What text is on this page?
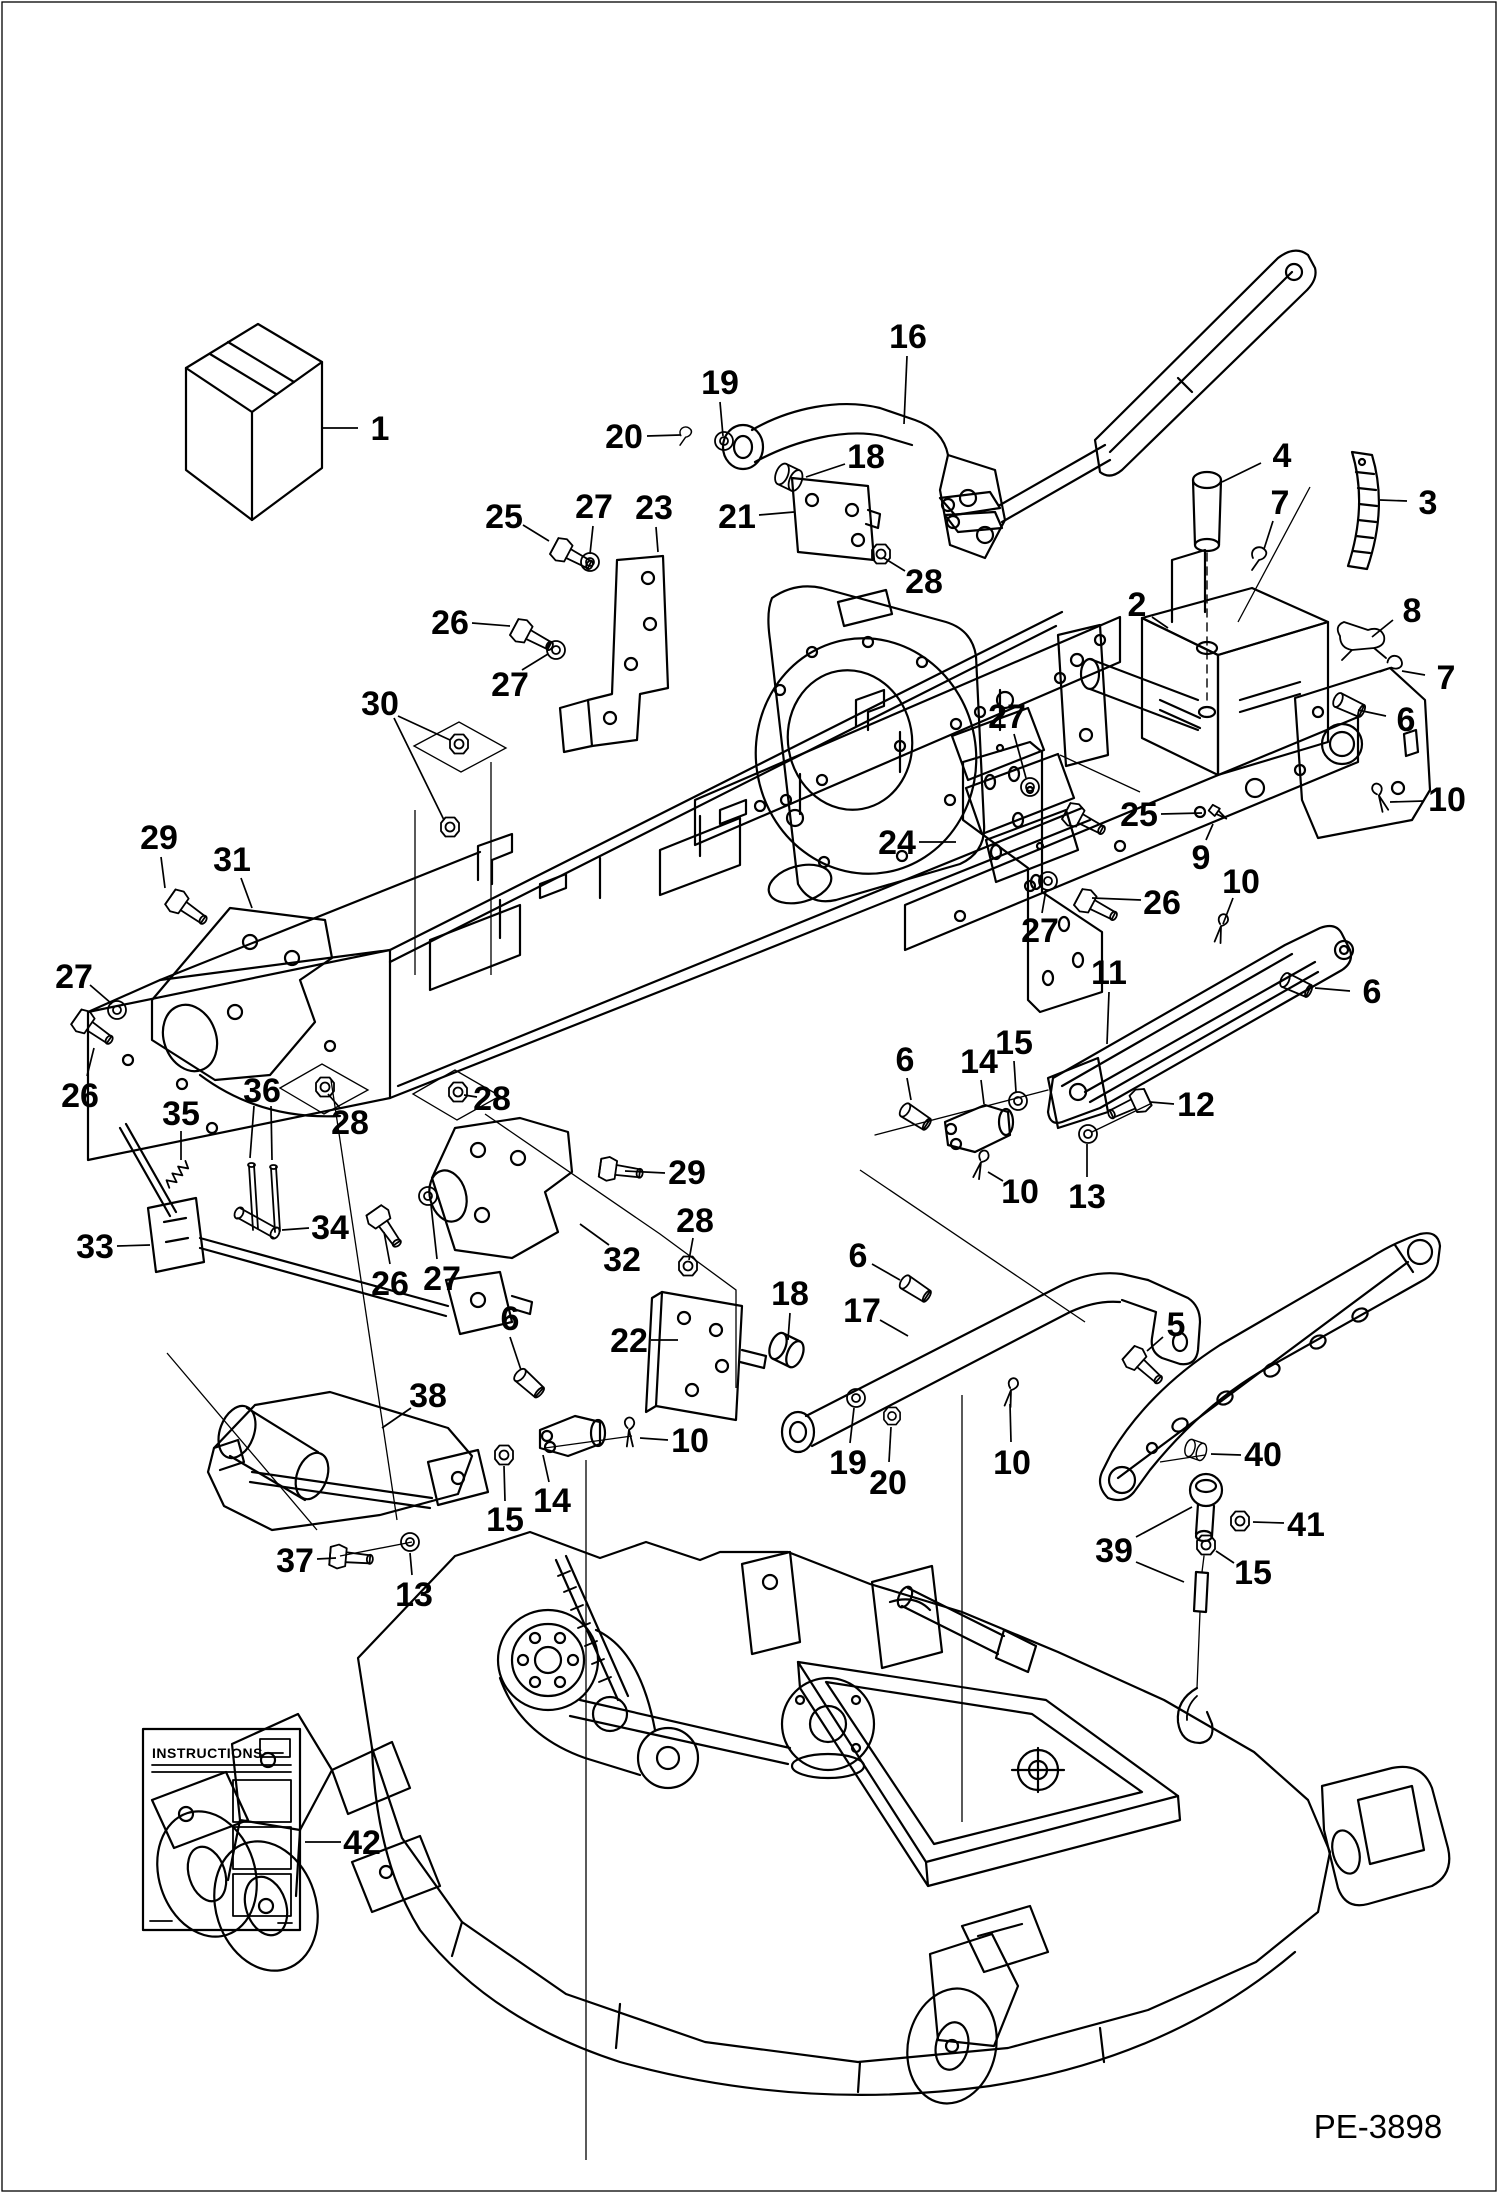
INSTRUCTIONS
PE-3898
1
16
19
20
18
21
25 27 23
28
26
27
30
4
7	3
2	8
7
6
10
25
9
24
10
26
27
27
29
31
27
26
28
28
36
35
34
33
26 27	32
29
28
22
18 17
6
10
19
20
10
5
40
41
39
15
42
38
6
14
15
37
13
6 14
15
12
10 13
11	6
